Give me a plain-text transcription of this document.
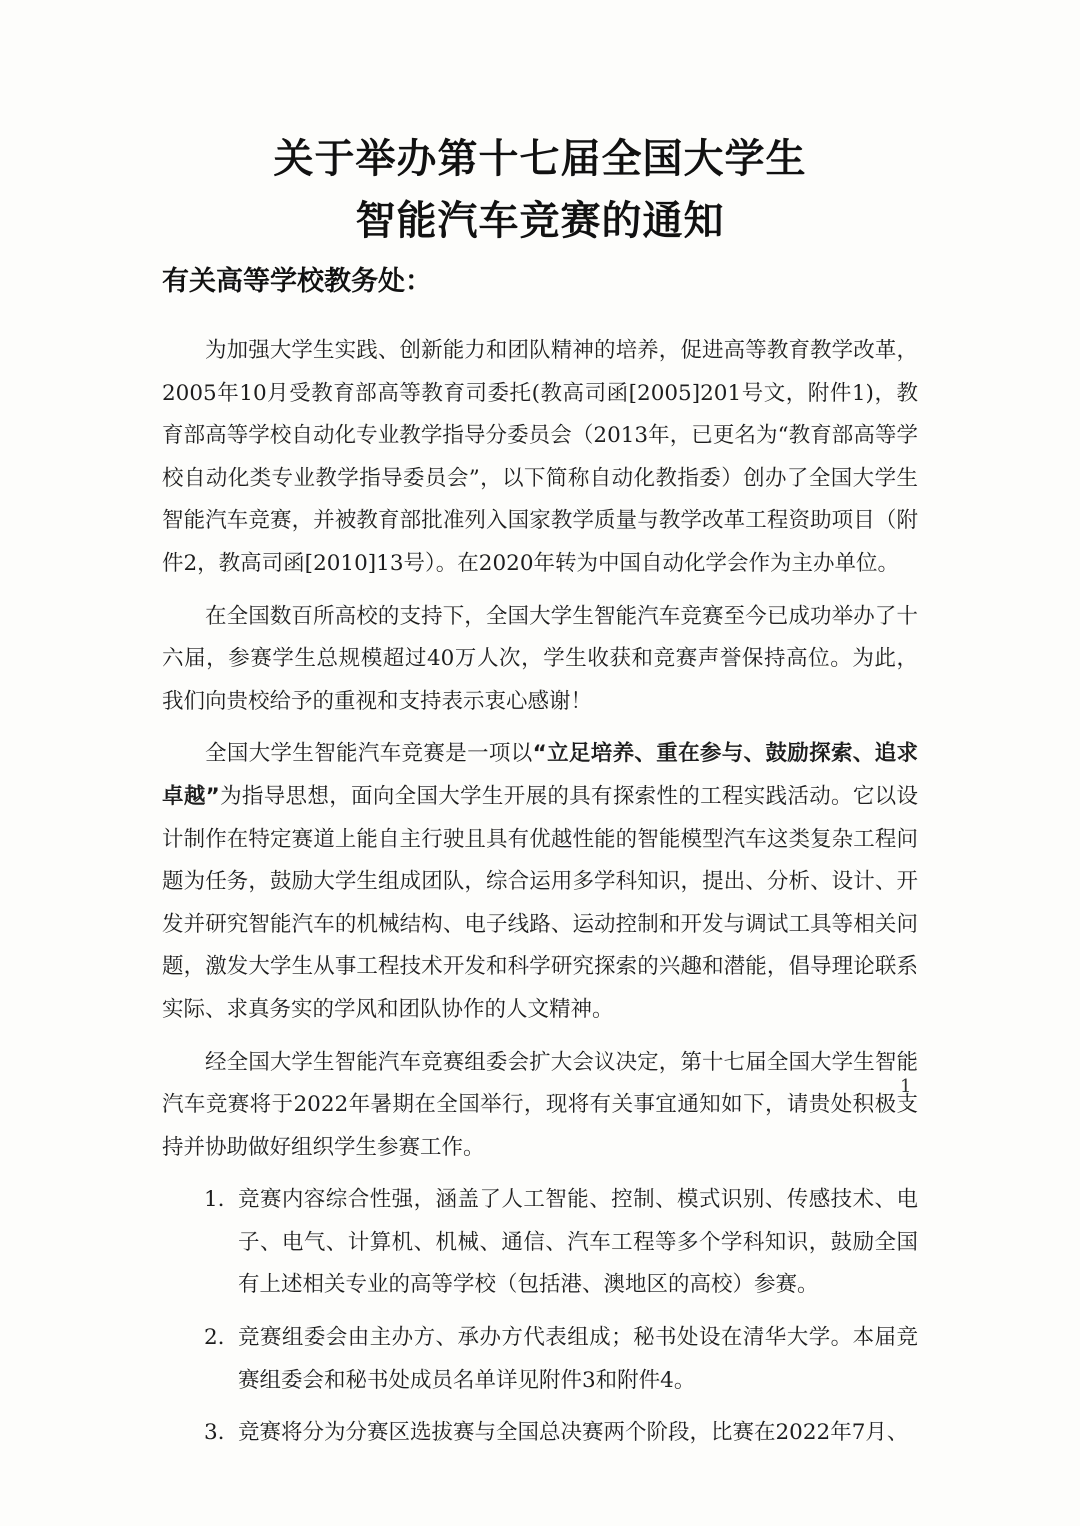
关于举办第十七届全国大学生
智能汽车竞赛的通知
有关高等学校教务处：

为加强大学生实践、创新能力和团队精神的培养，促进高等教育教学改革，2005年10月受教育部高等教育司委托(教高司函[2005]201号文，附件1)，教育部高等学校自动化专业教学指导分委员会（2013年，已更名为“教育部高等学校自动化类专业教学指导委员会”，以下简称自动化教指委）创办了全国大学生智能汽车竞赛，并被教育部批准列入国家教学质量与教学改革工程资助项目（附件2，教高司函[2010]13号）。在2020年转为中国自动化学会作为主办单位。

在全国数百所高校的支持下，全国大学生智能汽车竞赛至今已成功举办了十六届，参赛学生总规模超过40万人次，学生收获和竞赛声誉保持高位。为此，我们向贵校给予的重视和支持表示衷心感谢！

全国大学生智能汽车竞赛是一项以“立足培养、重在参与、鼓励探索、追求卓越”为指导思想，面向全国大学生开展的具有探索性的工程实践活动。它以设计制作在特定赛道上能自主行驶且具有优越性能的智能模型汽车这类复杂工程问题为任务，鼓励大学生组成团队，综合运用多学科知识，提出、分析、设计、开发并研究智能汽车的机械结构、电子线路、运动控制和开发与调试工具等相关问题，激发大学生从事工程技术开发和科学研究探索的兴趣和潜能，倡导理论联系实际、求真务实的学风和团队协作的人文精神。

经全国大学生智能汽车竞赛组委会扩大会议决定，第十七届全国大学生智能汽车竞赛将于2022年暑期在全国举行，现将有关事宜通知如下，请贵处积极支持并协助做好组织学生参赛工作。

1. 竞赛内容综合性强，涵盖了人工智能、控制、模式识别、传感技术、电子、电气、计算机、机械、通信、汽车工程等多个学科知识，鼓励全国有上述相关专业的高等学校（包括港、澳地区的高校）参赛。
2. 竞赛组委会由主办方、承办方代表组成；秘书处设在清华大学。本届竞赛组委会和秘书处成员名单详见附件3和附件4。
3. 竞赛将分为分赛区选拔赛与全国总决赛两个阶段，比赛在2022年7月、
1
